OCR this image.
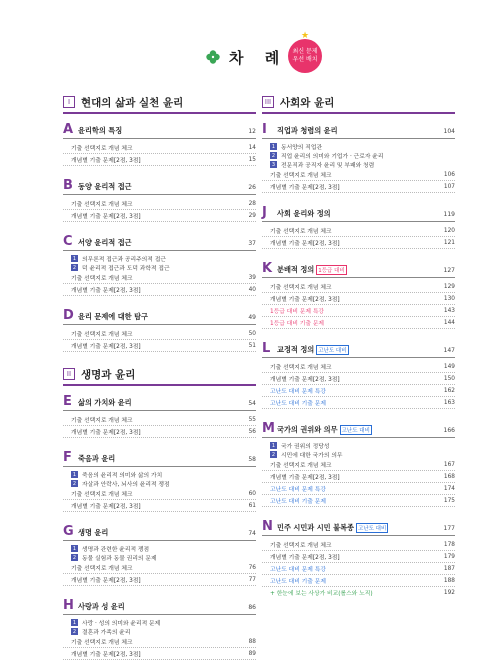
차 례
★
최신 문제
우선 배치
I	현대의 삶과 실천 윤리
A 윤리학의 특징	12
기출 선택지로 개념 체크	14
개념별 기출 문제[2점, 3점]	15
B 동양 윤리적 접근	26
기출 선택지로 개념 체크	28
개념별 기출 문제[2점, 3점]	29
C 서양 윤리적 접근	37
1	의무론적 접근과 공리주의적 접근
2	덕 윤리적 접근과 도덕 과학적 접근
기출 선택지로 개념 체크	39
개념별 기출 문제[2점, 3점]	40
D 윤리 문제에 대한 탐구	49
기출 선택지로 개념 체크	50
개념별 기출 문제[2점, 3점]	51
II 생명과 윤리
E 삶의 가치와 윤리	54
기출 선택지로 개념 체크	55
개념별 기출 문제[2점, 3점]	56
F 죽음과 윤리	58
1	죽음의 윤리적 의미와 삶의 가치
2	자살과 안락사, 뇌사의 윤리적 쟁점
기출 선택지로 개념 체크	60
개념별 기출 문제[2점, 3점]	61
G 생명 윤리	74
1	생명과 관련한 윤리적 쟁점
2	동물 실험과 동물 권리의 문제
기출 선택지로 개념 체크	76
개념별 기출 문제[2점, 3점]	77
H 사랑과 성 윤리	86
1	사랑 · 성의 의미와 윤리적 문제
2	결혼과 가족의 윤리
기출 선택지로 개념 체크	88
개념별 기출 문제[2점, 3점]	89
III 사회와 윤리
I	직업과 청렴의 윤리	104
1	동서양의 직업관
2	직업 윤리의 의미와 기업가 · 근로자 윤리
3	전문직과 공직자 윤리 및 부패와 청렴
기출 선택지로 개념 체크	106
개념별 기출 문제[2점, 3점]	107
J	사회 윤리와 정의	119
기출 선택지로 개념 체크	120
개념별 기출 문제[2점, 3점]	121
K 분배적 정의 1등급 대비	127
기출 선택지로 개념 체크	129
개념별 기출 문제[2점, 3점]	130
1등급 대비 문제 특강	143
1등급 대비 기출 문제	144
L 교정적 정의 고난도 대비	147
기출 선택지로 개념 체크	149
개념별 기출 문제[2점, 3점]	150
고난도 대비 문제 특강	162
고난도 대비 기출 문제	163
M 국가의 권위와 의무 고난도 대비	166
1	국가 권위의 정당성
2	시민에 대한 국가의 의무
기출 선택지로 개념 체크	167
개념별 기출 문제[2점, 3점]	168
고난도 대비 문제 특강	174
고난도 대비 기출 문제	175
N 민주 시민과 시민 불복종 고난도 대비	177
기출 선택지로 개념 체크	178
개념별 기출 문제[2점, 3점]	179
고난도 대비 문제 특강	187
고난도 대비 기출 문제	188
+ 한눈에 보는 사상가 비교(롤스와 노직)	192
